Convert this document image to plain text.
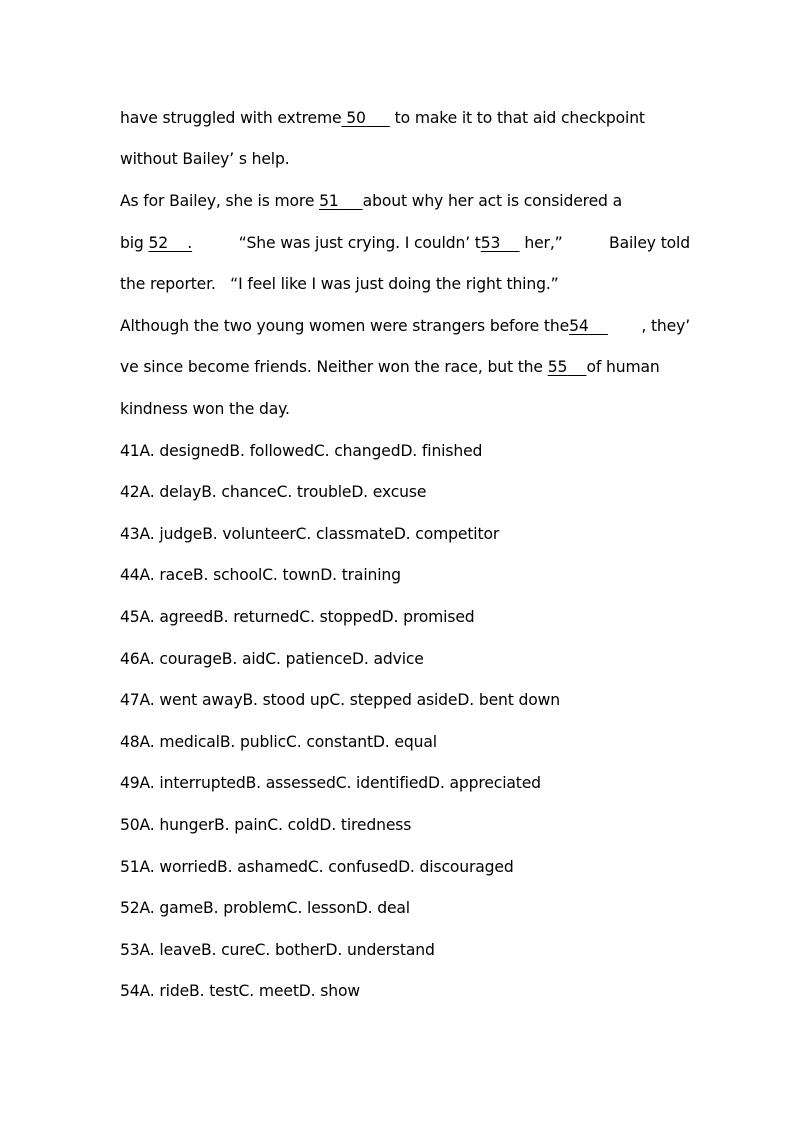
have struggled with extreme 50 to make it to that aid checkpoint
without Bailey’ s help.
As for Bailey, she is more 51 about why her act is considered a
big 52 .	“She was just crying. I couldn’ t53 her,”	Bailey told
the reporter.   “I feel like I was just doing the right thing.”
Although the two young women were strangers before the54	, they’
ve since become friends. Neither won the race, but the 55 of human
kindness won the day.
41A. designedB. followedC. changedD. finished
42A. delayB. chanceC. troubleD. excuse
43A. judgeB. volunteerC. classmateD. competitor
44A. raceB. schoolC. townD. training
45A. agreedB. returnedC. stoppedD. promised
46A. courageB. aidC. patienceD. advice
47A. went awayB. stood upC. stepped asideD. bent down
48A. medicalB. publicC. constantD. equal
49A. interruptedB. assessedC. identifiedD. appreciated
50A. hungerB. painC. coldD. tiredness
51A. worriedB. ashamedC. confusedD. discouraged
52A. gameB. problemC. lessonD. deal
53A. leaveB. cureC. botherD. understand
54A. rideB. testC. meetD. show
